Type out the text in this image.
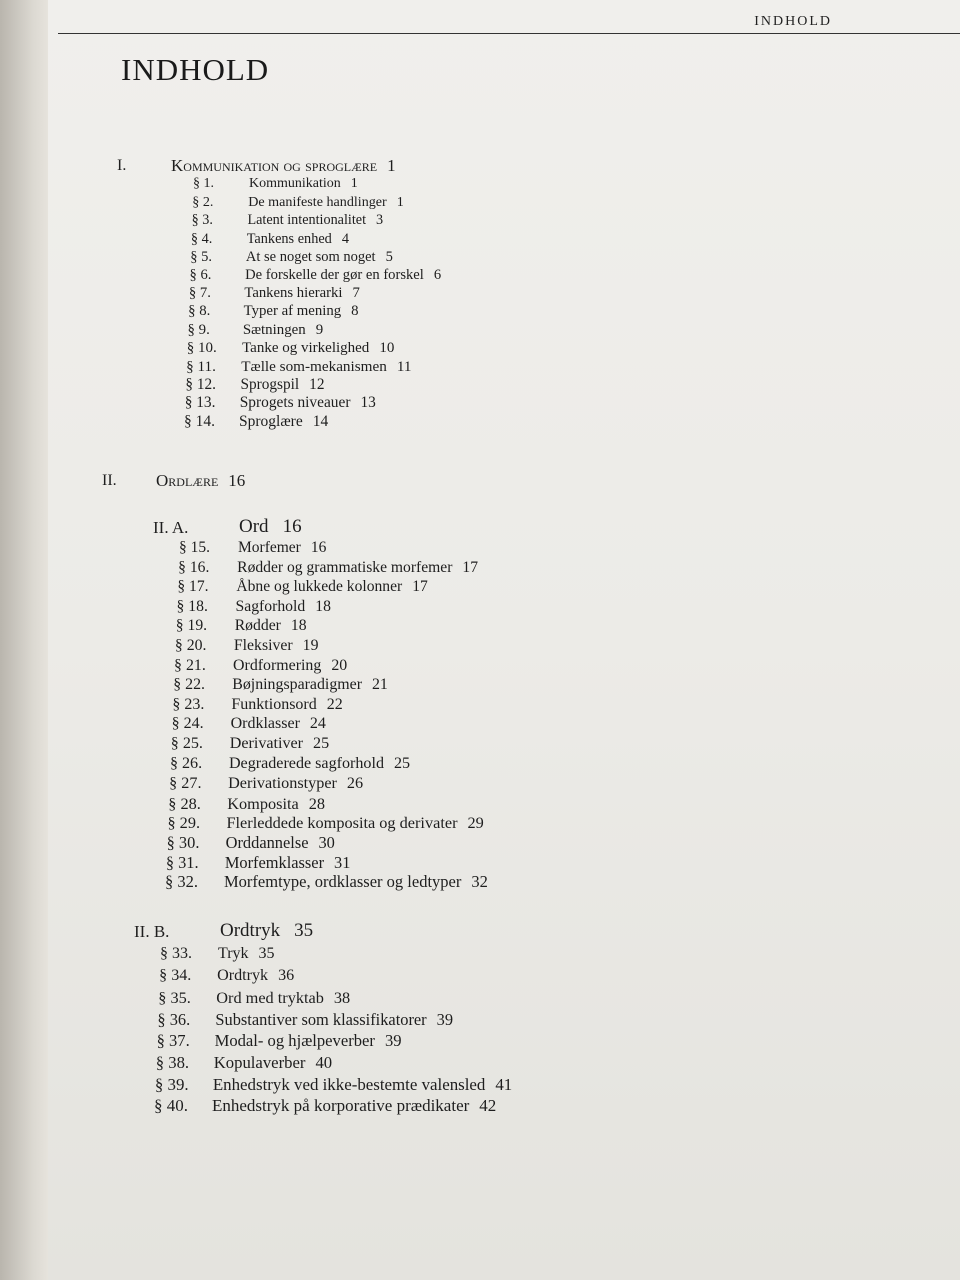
INDHOLD
INDHOLD
I.	Kommunikation og sproglære 1
§ 1.	Kommunikation 1
§ 2. De manifeste handlinger 1
§ 3. Latent intentionalitet 3
§ 4. Tankens enhed 4
§ 5. At se noget som noget 5
§ 6. De forskelle der gør en forskel 6
§ 7. Tankens hierarki 7
§ 8. Typer af mening 8
§ 9. Sætningen 9
§ 10. Tanke og virkelighed 10
§ 11. Tælle som-mekanismen 11
§ 12. Sprogspil 12
§ 13. Sprogets niveauer 13
§ 14. Sproglære 14
II. Ordlære 16
II. A.	Ord 16
§ 15. Morfemer 16
§ 16. Rødder og grammatiske morfemer 17
§ 17. Åbne og lukkede kolonner 17
§ 18. Sagforhold 18
§ 19. Rødder 18
§ 20. Fleksiver 19
§ 21. Ordformering 20
§ 22. Bøjningsparadigmer 21
§ 23. Funktionsord 22
§ 24. Ordklasser 24
§ 25. Derivativer 25
§ 26. Degraderede sagforhold 25
§ 27. Derivationstyper 26
§ 28. Komposita 28
§ 29. Flerleddede komposita og derivater 29
§ 30. Orddannelse 30
§ 31. Morfemklasser 31
§ 32. Morfemtype, ordklasser og ledtyper 32
II. B.	Ordtryk 35
§ 33. Tryk 35
§ 34. Ordtryk 36
§ 35. Ord med tryktab 38
§ 36. Substantiver som klassifikatorer 39
§ 37. Modal- og hjælpeverber 39
§ 38. Kopulaverber 40
§ 39. Enhedstryk ved ikke-bestemte valensled 41
§ 40. Enhedstryk på korporative prædikater 42
